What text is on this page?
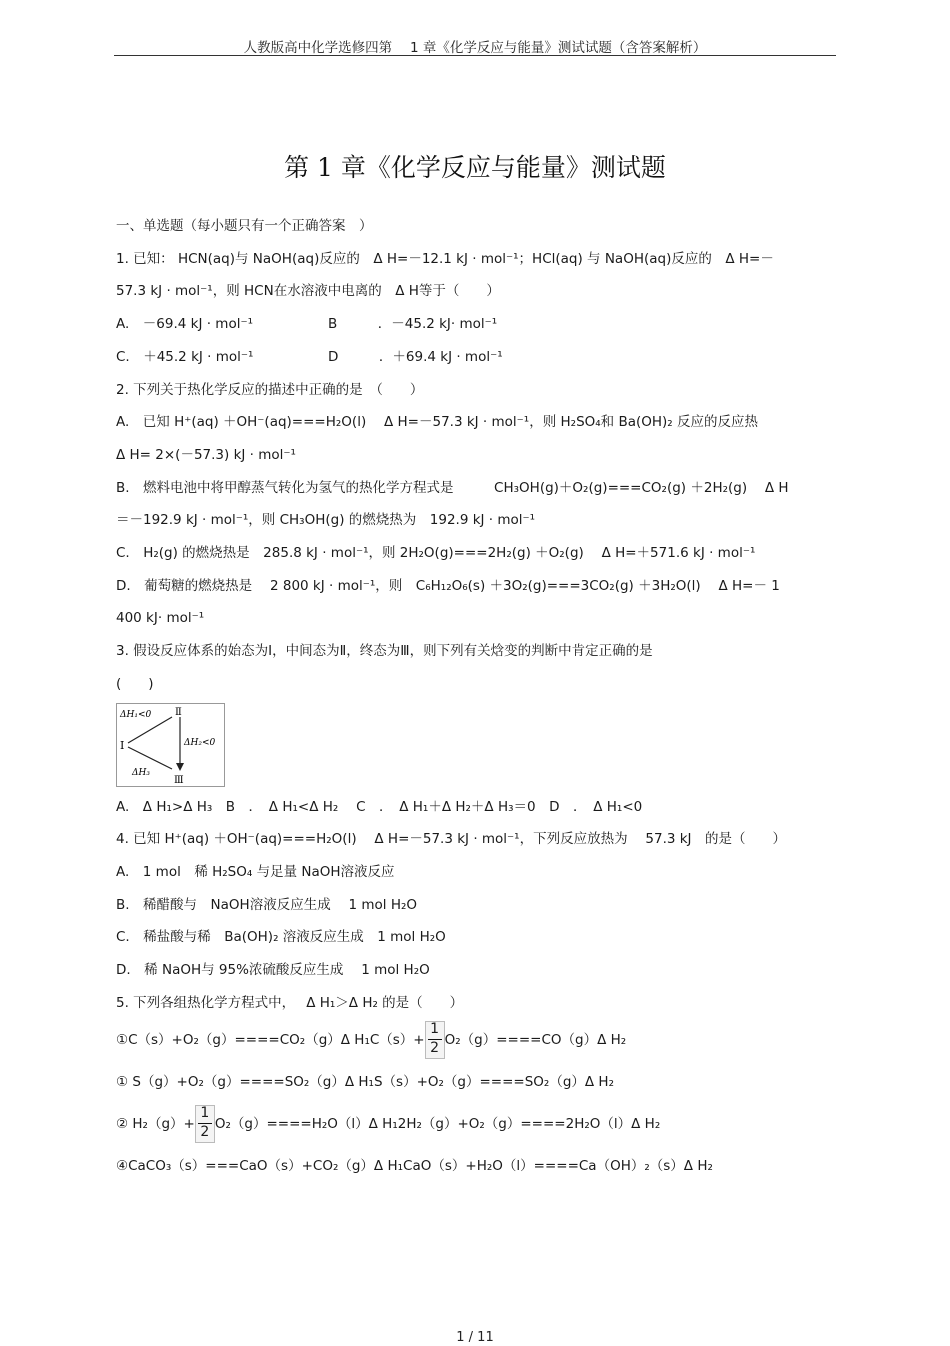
人教版高中化学选修四第　 1 章《化学反应与能量》测试试题（含答案解析）
第 1 章《化学反应与能量》测试题
一、单选题（每小题只有一个正确答案　）
1. 已知： HCN(aq)与 NaOH(aq)反应的　Δ H=－12.1 kJ · mol⁻¹；HCl(aq) 与 NaOH(aq)反应的　Δ H=－
57.3 kJ · mol⁻¹，则 HCN在水溶液中电离的　Δ H等于（　　）
A.　－69.4 kJ · mol⁻¹	B　　　．－45.2 kJ· mol⁻¹
C.　＋45.2 kJ · mol⁻¹	D　　　．＋69.4 kJ · mol⁻¹
2. 下列关于热化学反应的描述中正确的是　（　　）
A.　已知 H⁺(aq) ＋OH⁻(aq)===H₂O(l)　 Δ H=－57.3 kJ · mol⁻¹，则 H₂SO₄和 Ba(OH)₂ 反应的反应热
Δ H= 2×(－57.3) kJ · mol⁻¹
B.　燃料电池中将甲醇蒸气转化为氢气的热化学方程式是　　　CH₃OH(g)＋O₂(g)===CO₂(g) ＋2H₂(g)　 Δ H
＝－192.9 kJ · mol⁻¹，则 CH₃OH(g) 的燃烧热为　192.9 kJ · mol⁻¹
C.　H₂(g) 的燃烧热是　285.8 kJ · mol⁻¹，则 2H₂O(g)===2H₂(g) ＋O₂(g)　 Δ H=＋571.6 kJ · mol⁻¹
D.　葡萄糖的燃烧热是　 2 800 kJ · mol⁻¹，则　C₆H₁₂O₆(s) ＋3O₂(g)===3CO₂(g) ＋3H₂O(l)　 Δ H=－ 1
400 kJ· mol⁻¹
3. 假设反应体系的始态为Ⅰ，中间态为Ⅱ，终态为Ⅲ，则下列有关焓变的判断中肯定正确的是
(　　)
Ⅰ
Ⅱ
Ⅲ
ΔH₁<0
ΔH₂<0
ΔH₃
A.　Δ H₁>Δ H₃　B　．　Δ H₁<Δ H₂　 C　．　Δ H₁＋Δ H₂＋Δ H₃＝0　D　．　Δ H₁<0
4. 已知 H⁺(aq) ＋OH⁻(aq)===H₂O(l)　 Δ H=－57.3 kJ · mol⁻¹，下列反应放热为　 57.3 kJ　的是（　　）
A.　1 mol　稀 H₂SO₄ 与足量 NaOH溶液反应
B.　稀醋酸与　NaOH溶液反应生成　 1 mol H₂O
C.　稀盐酸与稀　Ba(OH)₂ 溶液反应生成　1 mol H₂O
D.　稀 NaOH与 95%浓硫酸反应生成　 1 mol H₂O
5. 下列各组热化学方程式中，　 Δ H₁＞Δ H₂ 的是（　　）
①C（s）+O₂（g）====CO₂（g）Δ $H_1C(s)+ \frac{1}{2} O_2(g)====CO(g)\Delta$ H₂
① S（g）+O₂（g）====SO₂（g）Δ H₁S（s）+O₂（g）====SO₂（g）Δ H₂
② $H_2(g)+ \frac{1}{2} O_2(g)====H_2O(l)\Delta$ H₁2H₂（g）+O₂（g）====2H₂O（l）Δ H₂
④CaCO₃（s）===CaO（s）+CO₂（g）Δ H₁CaO（s）+H₂O（l）====Ca（OH）₂（s）Δ H₂
1 / 11
